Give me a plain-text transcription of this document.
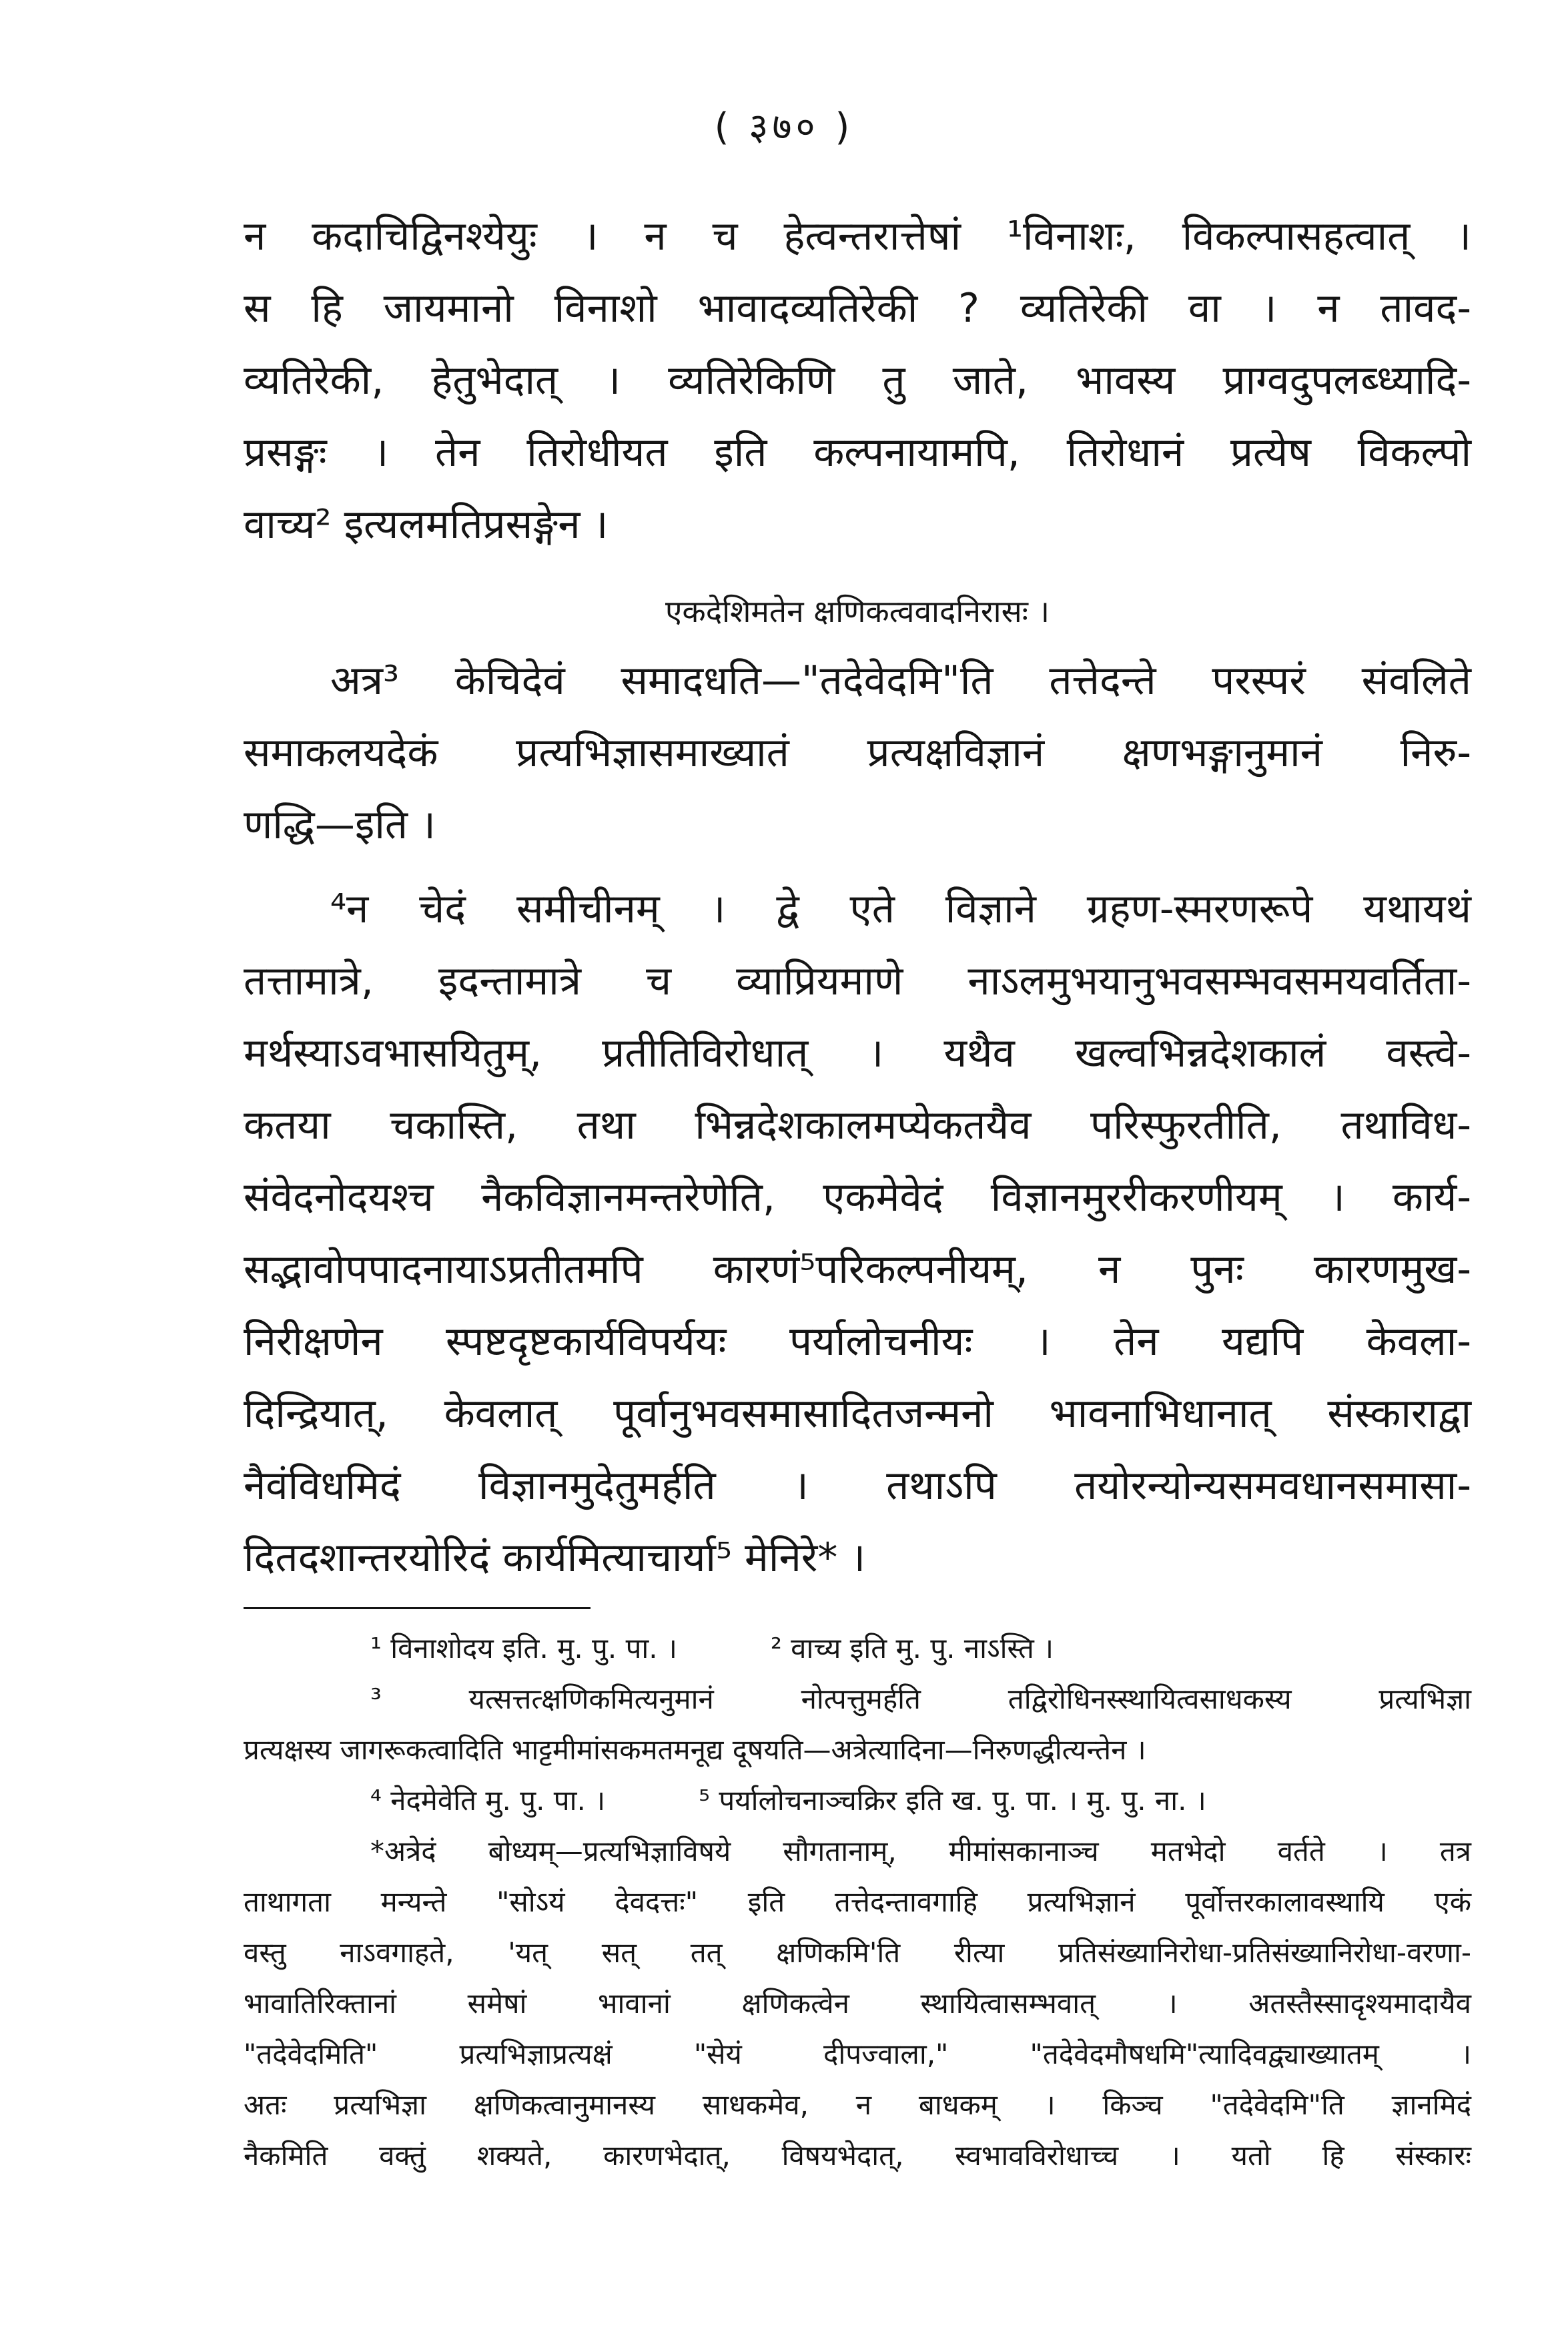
( ३७० )
न कदाचिद्विनश्येयुः । न च हेत्वन्तरात्तेषां ¹विनाशः, विकल्पासहत्वात् ।
स हि जायमानो विनाशो भावादव्यतिरेकी ? व्यतिरेकी वा । न तावद-
व्यतिरेकी, हेतुभेदात् । व्यतिरेकिणि तु जाते, भावस्य प्राग्वदुपलब्ध्यादि-
प्रसङ्गः । तेन तिरोधीयत इति कल्पनायामपि, तिरोधानं प्रत्येष विकल्पो
वाच्य² इत्यलमतिप्रसङ्गेन ।
एकदेशिमतेन क्षणिकत्ववादनिरासः ।
अत्र³ केचिदेवं समादधति—"तदेवेदमि"ति तत्तेदन्ते परस्परं संवलिते
समाकलयदेकं प्रत्यभिज्ञासमाख्यातं प्रत्यक्षविज्ञानं क्षणभङ्गानुमानं निरु-
णद्धि—इति ।
⁴न चेदं समीचीनम् । द्वे एते विज्ञाने ग्रहण-स्मरणरूपे यथायथं
तत्तामात्रे, इदन्तामात्रे च व्याप्रियमाणे नाऽलमुभयानुभवसम्भवसमयवर्तिता-
मर्थस्याऽवभासयितुम्, प्रतीतिविरोधात् । यथैव खल्वभिन्नदेशकालं वस्त्वे-
कतया चकास्ति, तथा भिन्नदेशकालमप्येकतयैव परिस्फुरतीति, तथाविध-
संवेदनोदयश्च नैकविज्ञानमन्तरेणेति, एकमेवेदं विज्ञानमुररीकरणीयम् । कार्य-
सद्भावोपपादनायाऽप्रतीतमपि कारणं⁵परिकल्पनीयम्, न पुनः कारणमुख-
निरीक्षणेन स्पष्टदृष्टकार्यविपर्ययः पर्यालोचनीयः । तेन यद्यपि केवला-
दिन्द्रियात्, केवलात् पूर्वानुभवसमासादितजन्मनो भावनाभिधानात् संस्काराद्वा
नैवंविधमिदं विज्ञानमुदेतुमर्हति । तथाऽपि तयोरन्योन्यसमवधानसमासा-
दितदशान्तरयोरिदं कार्यमित्याचार्या⁵ मेनिरे* ।
¹ विनाशोदय इति. मु. पु. पा. ।	² वाच्य इति मु. पु. नाऽस्ति ।
³ यत्सत्तत्क्षणिकमित्यनुमानं नोत्पत्तुमर्हति तद्विरोधिनस्स्थायित्वसाधकस्य प्रत्यभिज्ञा
प्रत्यक्षस्य जागरूकत्वादिति भाट्टमीमांसकमतमनूद्य दूषयति—अत्रेत्यादिना—निरुणद्धीत्यन्तेन ।
⁴ नेदमेवेति मु. पु. पा. ।	⁵ पर्यालोचनाञ्चक्रिर इति ख. पु. पा. । मु. पु. ना. ।
*अत्रेदं बोध्यम्—प्रत्यभिज्ञाविषये सौगतानाम्, मीमांसकानाञ्च मतभेदो वर्तते । तत्र
ताथागता मन्यन्ते "सोऽयं देवदत्तः" इति तत्तेदन्तावगाहि प्रत्यभिज्ञानं पूर्वोत्तरकालावस्थायि एकं
वस्तु नाऽवगाहते, 'यत् सत् तत् क्षणिकमि'ति रीत्या प्रतिसंख्यानिरोधा-प्रतिसंख्यानिरोधा-वरणा-
भावातिरिक्तानां समेषां भावानां क्षणिकत्वेन स्थायित्वासम्भवात् । अतस्तैस्सादृश्यमादायैव
"तदेवेदमिति" प्रत्यभिज्ञाप्रत्यक्षं "सेयं दीपज्वाला," "तदेवेदमौषधमि"त्यादिवद्व्याख्यातम् ।
अतः प्रत्यभिज्ञा क्षणिकत्वानुमानस्य साधकमेव, न बाधकम् । किञ्च "तदेवेदमि"ति ज्ञानमिदं
नैकमिति वक्तुं शक्यते, कारणभेदात्, विषयभेदात्, स्वभावविरोधाच्च । यतो हि संस्कारः
